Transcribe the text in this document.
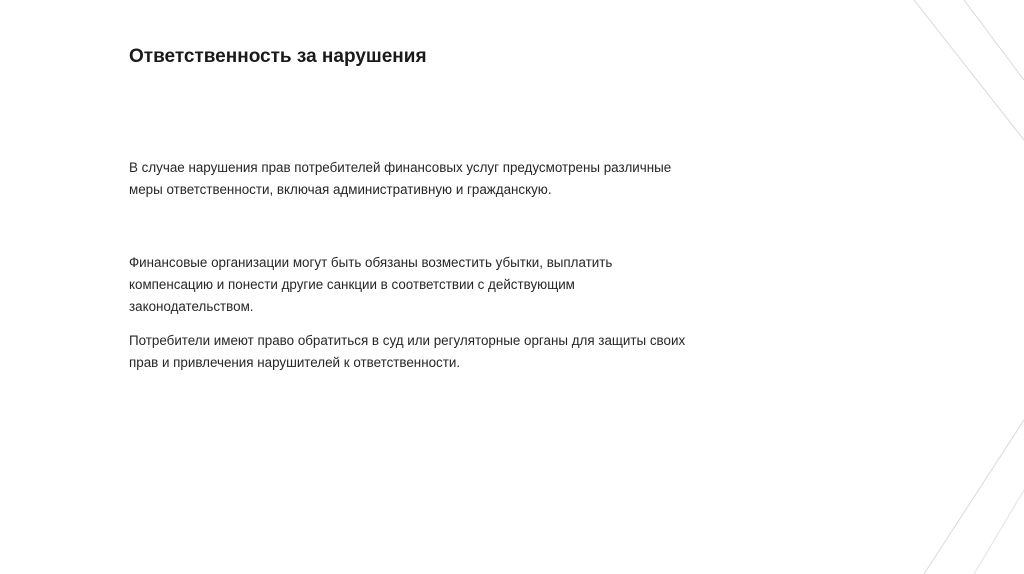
Ответственность за нарушения

В случае нарушения прав потребителей финансовых услуг предусмотрены различные меры ответственности, включая административную и гражданскую.

Финансовые организации могут быть обязаны возместить убытки, выплатить компенсацию и понести другие санкции в соответствии с действующим законодательством.

Потребители имеют право обратиться в суд или регуляторные органы для защиты своих прав и привлечения нарушителей к ответственности.
